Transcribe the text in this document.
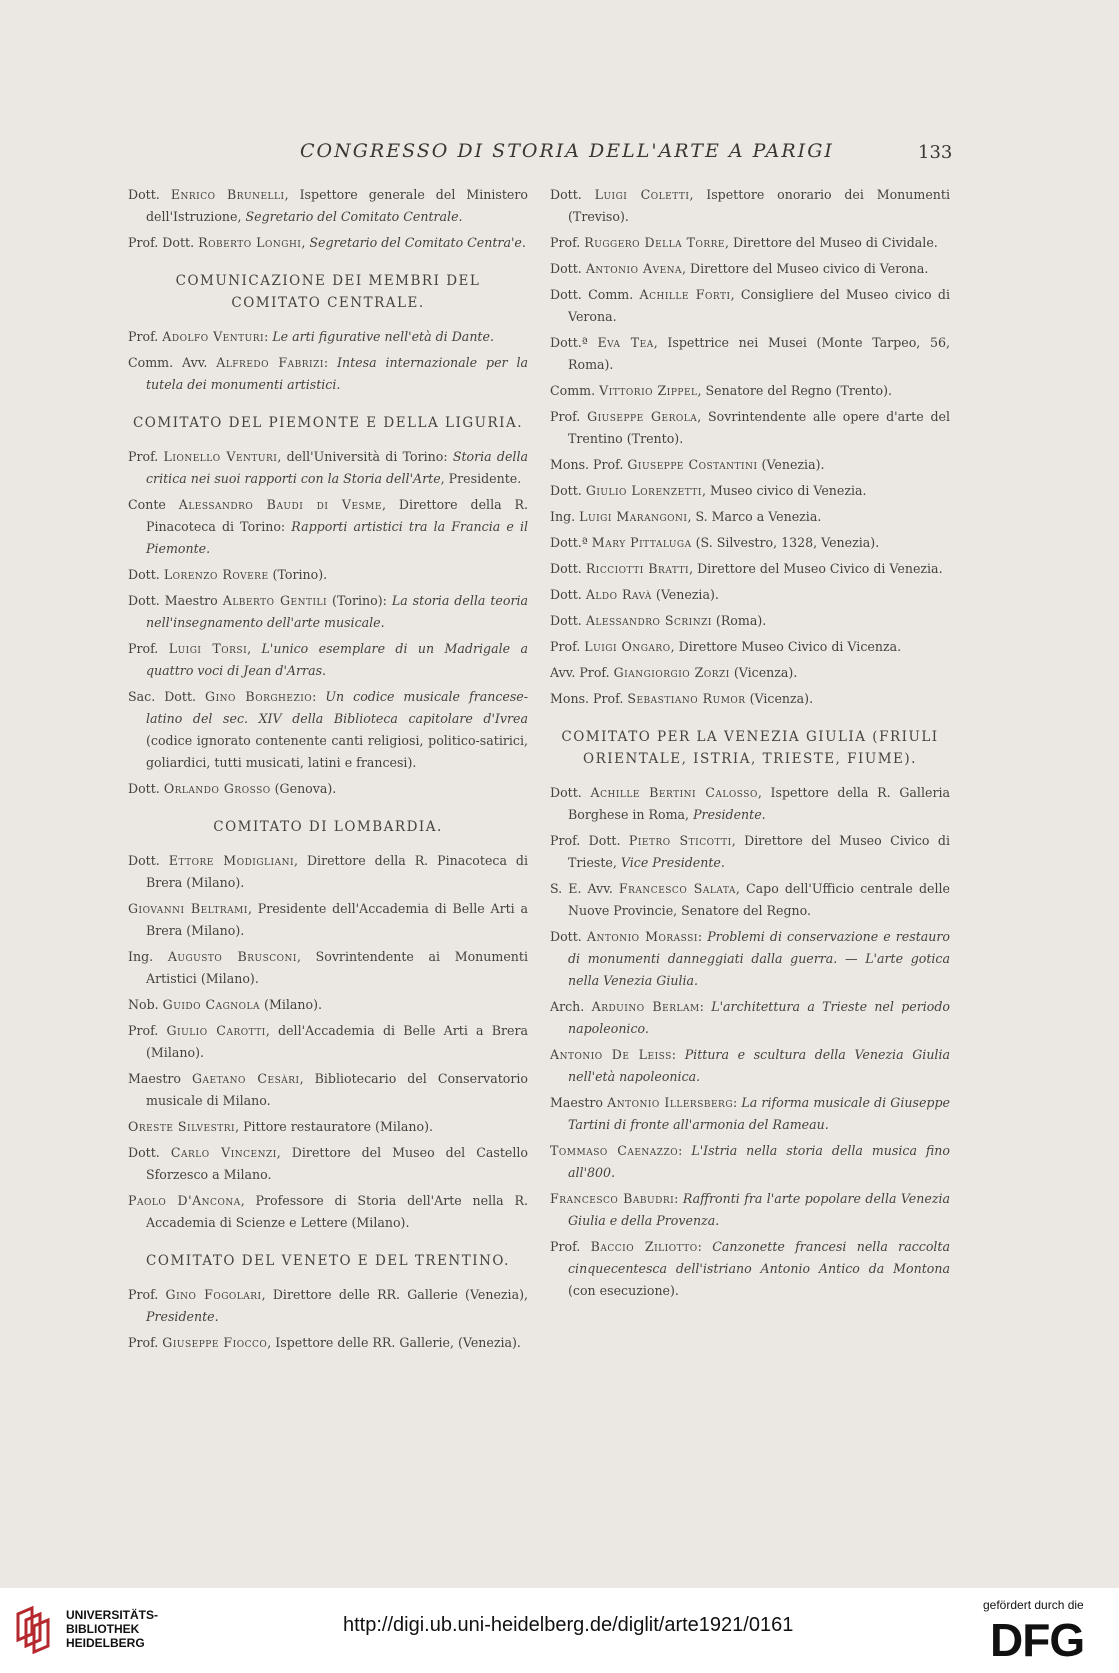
CONGRESSO DI STORIA DELL'ARTE A PARIGI	133

Dott. Enrico Brunelli, Ispettore generale del Ministero dell'Istruzione, Segretario del Comitato Centrale.

Prof. Dott. Roberto Longhi, Segretario del Comitato Centra'e.

COMUNICAZIONE DEI MEMBRI DEL COMITATO CENTRALE.

Prof. Adolfo Venturi: Le arti figurative nell'età di Dante.

Comm. Avv. Alfredo Fabrizi: Intesa internazionale per la tutela dei monumenti artistici.

COMITATO DEL PIEMONTE E DELLA LIGURIA.

Prof. Lionello Venturi, dell'Università di Torino: Storia della critica nei suoi rapporti con la Storia dell'Arte, Presidente.

Conte Alessandro Baudi di Vesme, Direttore della R. Pinacoteca di Torino: Rapporti artistici tra la Francia e il Piemonte.

Dott. Lorenzo Rovere (Torino).

Dott. Maestro Alberto Gentili (Torino): La storia della teoria nell'insegnamento dell'arte musicale.

Prof. Luigi Torsi, L'unico esemplare di un Madrigale a quattro voci di Jean d'Arras.

Sac. Dott. Gino Borghezio: Un codice musicale francese-latino del sec. XIV della Biblioteca capitolare d'Ivrea (codice ignorato contenente canti religiosi, politico-satirici, goliardici, tutti musicati, latini e francesi).

Dott. Orlando Grosso (Genova).

COMITATO DI LOMBARDIA.

Dott. Ettore Modigliani, Direttore della R. Pinacoteca di Brera (Milano).

Giovanni Beltrami, Presidente dell'Accademia di Belle Arti a Brera (Milano).

Ing. Augusto Brusconi, Sovrintendente ai Monumenti Artistici (Milano).

Nob. Guido Cagnola (Milano).

Prof. Giulio Carotti, dell'Accademia di Belle Arti a Brera (Milano).

Maestro Gaetano Cesàri, Bibliotecario del Conservatorio musicale di Milano.

Oreste Silvestri, Pittore restauratore (Milano).

Dott. Carlo Vincenzi, Direttore del Museo del Castello Sforzesco a Milano.

Paolo D'Ancona, Professore di Storia dell'Arte nella R. Accademia di Scienze e Lettere (Milano).

COMITATO DEL VENETO E DEL TRENTINO.

Prof. Gino Fogolari, Direttore delle RR. Gallerie (Venezia), Presidente.

Prof. Giuseppe Fiocco, Ispettore delle RR. Gallerie, (Venezia).

Dott. Luigi Coletti, Ispettore onorario dei Monumenti (Treviso).

Prof. Ruggero Della Torre, Direttore del Museo di Cividale.

Dott. Antonio Avena, Direttore del Museo civico di Verona.

Dott. Comm. Achille Forti, Consigliere del Museo civico di Verona.

Dott.ª Eva Tea, Ispettrice nei Musei (Monte Tarpeo, 56, Roma).

Comm. Vittorio Zippel, Senatore del Regno (Trento).

Prof. Giuseppe Gerola, Sovrintendente alle opere d'arte del Trentino (Trento).

Mons. Prof. Giuseppe Costantini (Venezia).

Dott. Giulio Lorenzetti, Museo civico di Venezia.

Ing. Luigi Marangoni, S. Marco a Venezia.

Dott.ª Mary Pittaluga (S. Silvestro, 1328, Venezia).

Dott. Ricciotti Bratti, Direttore del Museo Civico di Venezia.

Dott. Aldo Ravà (Venezia).

Dott. Alessandro Scrinzi (Roma).

Prof. Luigi Ongaro, Direttore Museo Civico di Vicenza.

Avv. Prof. Giangiorgio Zorzi (Vicenza).

Mons. Prof. Sebastiano Rumor (Vicenza).

COMITATO PER LA VENEZIA GIULIA (FRIULI ORIENTALE, ISTRIA, TRIESTE, FIUME).

Dott. Achille Bertini Calosso, Ispettore della R. Galleria Borghese in Roma, Presidente.

Prof. Dott. Pietro Sticotti, Direttore del Museo Civico di Trieste, Vice Presidente.

S. E. Avv. Francesco Salata, Capo dell'Ufficio centrale delle Nuove Provincie, Senatore del Regno.

Dott. Antonio Morassi: Problemi di conservazione e restauro di monumenti danneggiati dalla guerra. — L'arte gotica nella Venezia Giulia.

Arch. Arduino Berlam: L'architettura a Trieste nel periodo napoleonico.

Antonio De Leiss: Pittura e scultura della Venezia Giulia nell'età napoleonica.

Maestro Antonio Illersberg: La riforma musicale di Giuseppe Tartini di fronte all'armonia del Rameau.

Tommaso Caenazzo: L'Istria nella storia della musica fino all'800.

Francesco Babudri: Raffronti fra l'arte popolare della Venezia Giulia e della Provenza.

Prof. Baccio Ziliotto: Canzonette francesi nella raccolta cinquecentesca dell'istriano Antonio Antico da Montona (con esecuzione).

UNIVERSITÄTS-
BIBLIOTHEK
HEIDELBERG
http://digi.ub.uni-heidelberg.de/diglit/arte1921/0161
gefördert durch die
DFG
